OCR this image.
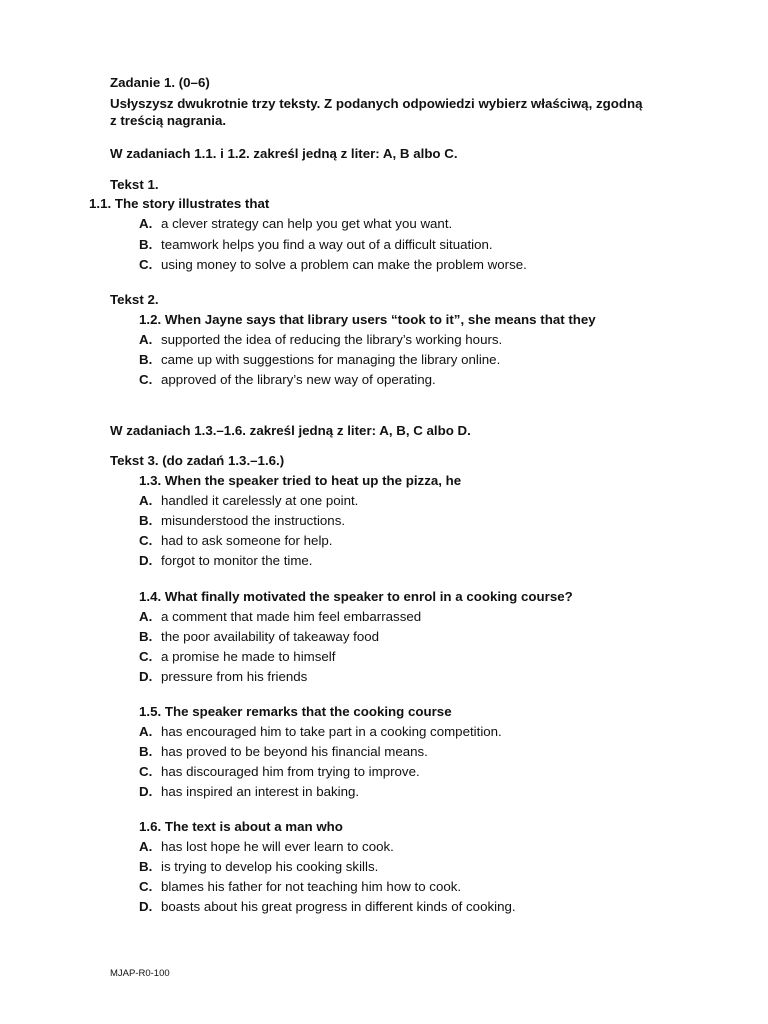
Zadanie 1. (0–6)
Usłyszysz dwukrotnie trzy teksty. Z podanych odpowiedzi wybierz właściwą, zgodną
z treścią nagrania.
W zadaniach 1.1. i 1.2. zakreśl jedną z liter: A, B albo C.
Tekst 1.
1.1. The story illustrates that
A. a clever strategy can help you get what you want.
B. teamwork helps you find a way out of a difficult situation.
C. using money to solve a problem can make the problem worse.
Tekst 2.
1.2. When Jayne says that library users “took to it”, she means that they
A. supported the idea of reducing the library’s working hours.
B. came up with suggestions for managing the library online.
C. approved of the library’s new way of operating.
W zadaniach 1.3.–1.6. zakreśl jedną z liter: A, B, C albo D.
Tekst 3. (do zadań 1.3.–1.6.)
1.3. When the speaker tried to heat up the pizza, he
A. handled it carelessly at one point.
B. misunderstood the instructions.
C. had to ask someone for help.
D. forgot to monitor the time.
1.4. What finally motivated the speaker to enrol in a cooking course?
A. a comment that made him feel embarrassed
B. the poor availability of takeaway food
C. a promise he made to himself
D. pressure from his friends
1.5. The speaker remarks that the cooking course
A. has encouraged him to take part in a cooking competition.
B. has proved to be beyond his financial means.
C. has discouraged him from trying to improve.
D. has inspired an interest in baking.
1.6. The text is about a man who
A. has lost hope he will ever learn to cook.
B. is trying to develop his cooking skills.
C. blames his father for not teaching him how to cook.
D. boasts about his great progress in different kinds of cooking.
MJAP-R0-100
